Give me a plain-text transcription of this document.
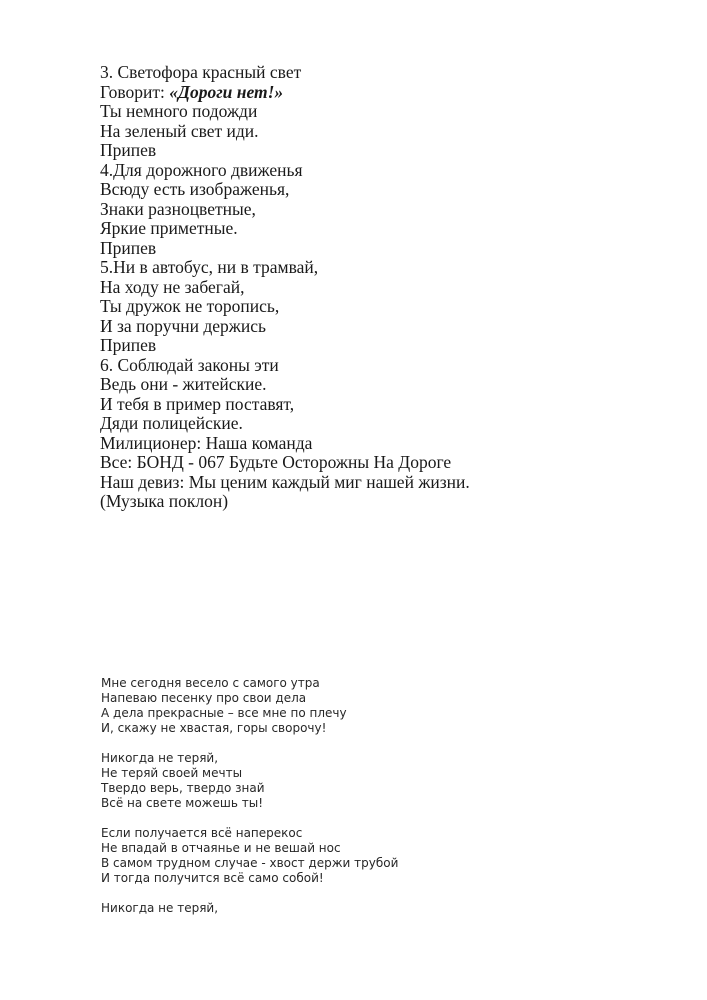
3. Светофора красный свет
Говорит: «Дороги нет!»
Ты немного подожди
На зеленый свет иди.
Припев
4.Для дорожного движенья
Всюду есть изображенья,
Знаки разноцветные,
Яркие приметные.
Припев
5.Ни в автобус, ни в трамвай,
На ходу не забегай,
Ты дружок не торопись,
И за поручни держись
Припев
6. Соблюдай законы эти
Ведь они - житейские.
И тебя в пример поставят,
Дяди полицейские.
Милиционер: Наша команда
Все: БОНД - 067 Будьте Осторожны На Дороге
Наш девиз: Мы ценим каждый миг нашей жизни.
(Музыка поклон)
Мне сегодня весело с самого утра
Напеваю песенку про свои дела
А дела прекрасные – все мне по плечу
И, скажу не хвастая, горы сворочу!

Никогда не теряй,
Не теряй своей мечты
Твердо верь, твердо знай
Всё на свете можешь ты!

Если получается всё наперекос
Не впадай в отчаянье и не вешай нос
В самом трудном случае - хвост держи трубой
И тогда получится всё само собой!

Никогда не теряй,
